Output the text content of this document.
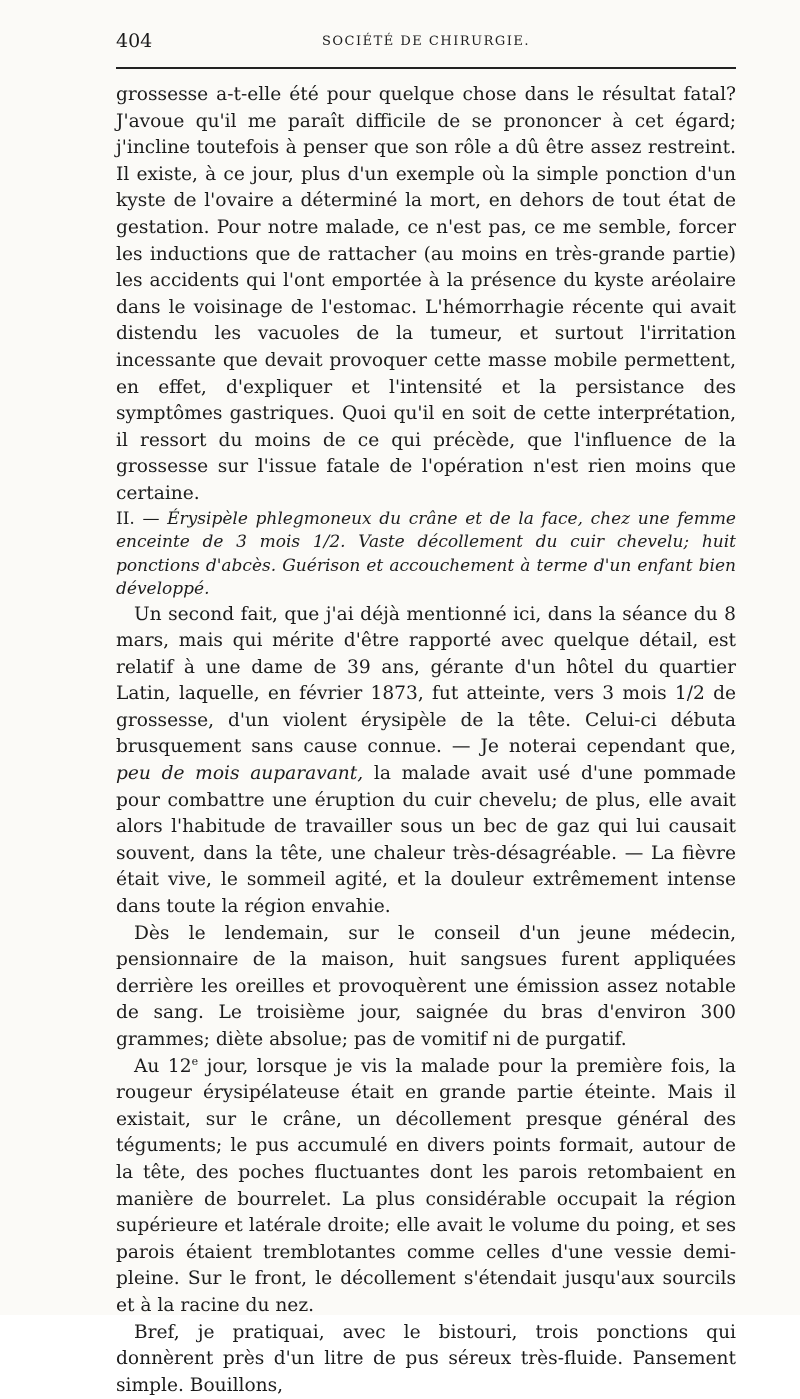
404	SOCIÉTÉ DE CHIRURGIE.

grossesse a-t-elle été pour quelque chose dans le résultat fatal? J'avoue qu'il me paraît difficile de se prononcer à cet égard; j'incline toutefois à penser que son rôle a dû être assez restreint. Il existe, à ce jour, plus d'un exemple où la simple ponction d'un kyste de l'ovaire a déterminé la mort, en dehors de tout état de gestation. Pour notre malade, ce n'est pas, ce me semble, forcer les inductions que de rattacher (au moins en très-grande partie) les accidents qui l'ont emportée à la présence du kyste aréolaire dans le voisinage de l'estomac. L'hémorrhagie récente qui avait distendu les vacuoles de la tumeur, et surtout l'irritation incessante que devait provoquer cette masse mobile permettent, en effet, d'expliquer et l'intensité et la persistance des symptômes gastriques. Quoi qu'il en soit de cette interprétation, il ressort du moins de ce qui précède, que l'influence de la grossesse sur l'issue fatale de l'opération n'est rien moins que certaine.

II. — Érysipèle phlegmoneux du crâne et de la face, chez une femme enceinte de 3 mois 1/2. Vaste décollement du cuir chevelu; huit ponctions d'abcès. Guérison et accouchement à terme d'un enfant bien développé.

Un second fait, que j'ai déjà mentionné ici, dans la séance du 8 mars, mais qui mérite d'être rapporté avec quelque détail, est relatif à une dame de 39 ans, gérante d'un hôtel du quartier Latin, laquelle, en février 1873, fut atteinte, vers 3 mois 1/2 de grossesse, d'un violent érysipèle de la tête. Celui-ci débuta brusquement sans cause connue. — Je noterai cependant que, peu de mois auparavant, la malade avait usé d'une pommade pour combattre une éruption du cuir chevelu; de plus, elle avait alors l'habitude de travailler sous un bec de gaz qui lui causait souvent, dans la tête, une chaleur très-désagréable. — La fièvre était vive, le sommeil agité, et la douleur extrêmement intense dans toute la région envahie.

Dès le lendemain, sur le conseil d'un jeune médecin, pensionnaire de la maison, huit sangsues furent appliquées derrière les oreilles et provoquèrent une émission assez notable de sang. Le troisième jour, saignée du bras d'environ 300 grammes; diète absolue; pas de vomitif ni de purgatif.

Au 12e jour, lorsque je vis la malade pour la première fois, la rougeur érysipélateuse était en grande partie éteinte. Mais il existait, sur le crâne, un décollement presque général des téguments; le pus accumulé en divers points formait, autour de la tête, des poches fluctuantes dont les parois retombaient en manière de bourrelet. La plus considérable occupait la région supérieure et latérale droite; elle avait le volume du poing, et ses parois étaient tremblotantes comme celles d'une vessie demi-pleine. Sur le front, le décollement s'étendait jusqu'aux sourcils et à la racine du nez.

Bref, je pratiquai, avec le bistouri, trois ponctions qui donnèrent près d'un litre de pus séreux très-fluide. Pansement simple. Bouillons,
